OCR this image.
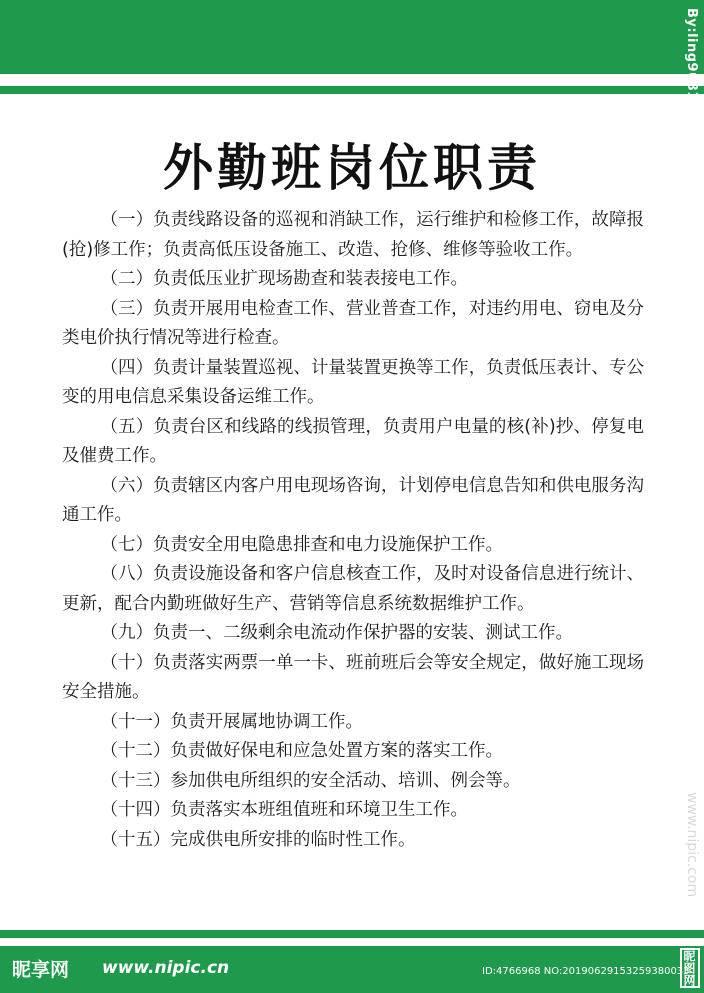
By:ling96816 No:20190629153259380033
外勤班岗位职责

（一）负责线路设备的巡视和消缺工作，运行维护和检修工作，故障报(抢)修工作；负责高低压设备施工、改造、抢修、维修等验收工作。

（二）负责低压业扩现场勘查和装表接电工作。

（三）负责开展用电检查工作、营业普查工作，对违约用电、窃电及分类电价执行情况等进行检查。

（四）负责计量装置巡视、计量装置更换等工作，负责低压表计、专公变的用电信息采集设备运维工作。

（五）负责台区和线路的线损管理，负责用户电量的核(补)抄、停复电及催费工作。

（六）负责辖区内客户用电现场咨询，计划停电信息告知和供电服务沟通工作。

（七）负责安全用电隐患排查和电力设施保护工作。

（八）负责设施设备和客户信息核查工作，及时对设备信息进行统计、更新，配合内勤班做好生产、营销等信息系统数据维护工作。

（九）负责一、二级剩余电流动作保护器的安装、测试工作。

（十）负责落实两票一单一卡、班前班后会等安全规定，做好施工现场安全措施。

（十一）负责开展属地协调工作。

（十二）负责做好保电和应急处置方案的落实工作。

（十三）参加供电所组织的安全活动、培训、例会等。

（十四）负责落实本班组值班和环境卫生工作。

（十五）完成供电所安排的临时性工作。	www.nipic.com
昵享网 www.nipic.cn	ID:4766968 NO:20190629153259380033
昵图网
